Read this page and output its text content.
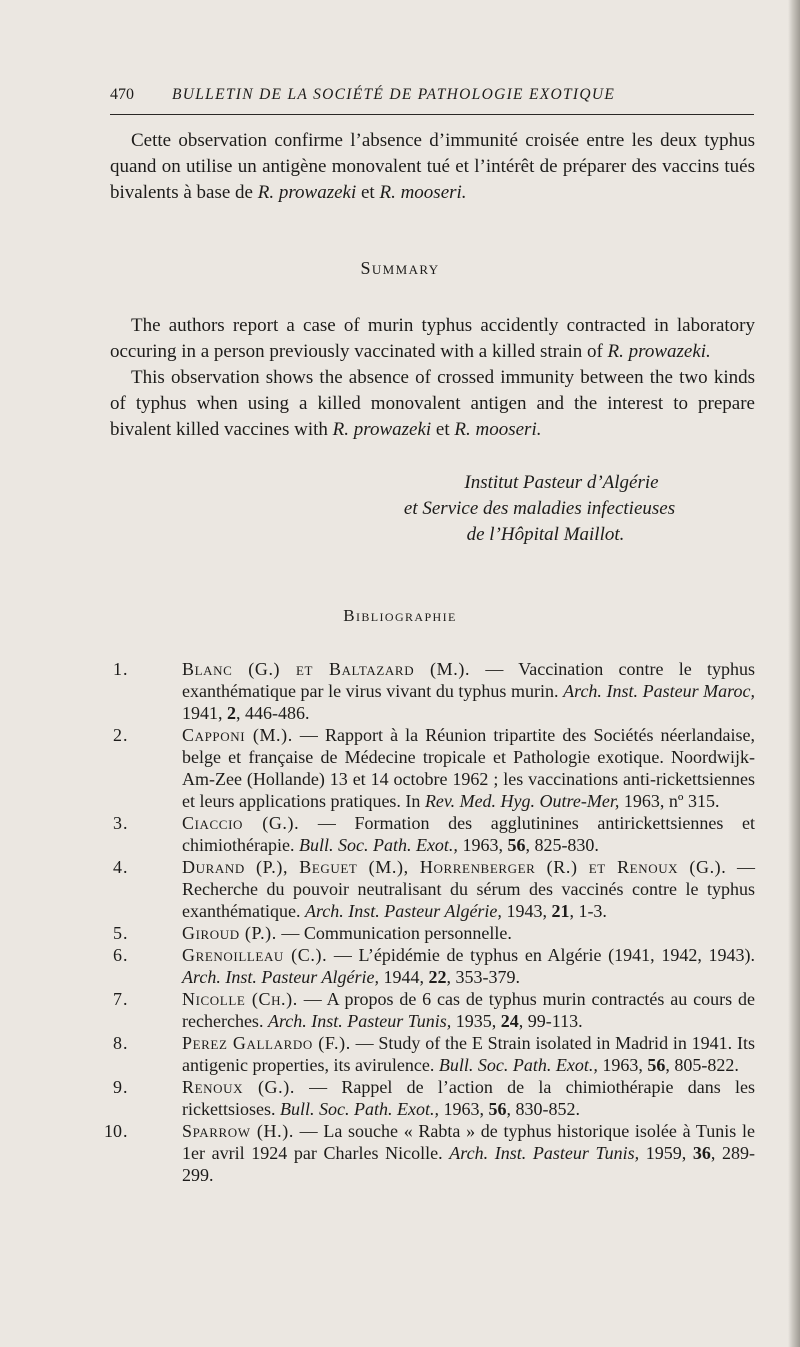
470 BULLETIN DE LA SOCIÉTÉ DE PATHOLOGIE EXOTIQUE

Cette observation confirme l’absence d’immunité croisée entre les deux typhus quand on utilise un antigène monovalent tué et l’intérêt de préparer des vaccins tués bivalents à base de R. prowazeki et R. mooseri.

Summary

The authors report a case of murin typhus accidently contracted in laboratory occuring in a person previously vaccinated with a killed strain of R. prowazeki.

This observation shows the absence of crossed immunity between the two kinds of typhus when using a killed monovalent antigen and the interest to prepare bivalent killed vaccines with R. prowazeki et R. mooseri.

Institut Pasteur d’Algérie
et Service des maladies infectieuses
de l’Hôpital Maillot.
Bibliographie
1 .	Blanc (G.) et Baltazard (M.). — Vaccination contre le typhus exanthématique par le virus vivant du typhus murin. Arch. Inst. Pasteur Maroc, 1941, 2, 446-486.
2 .	Capponi (M.). — Rapport à la Réunion tripartite des Sociétés néerlandaise, belge et française de Médecine tropicale et Pathologie exotique. Noordwijk-Am-Zee (Hollande) 13 et 14 octobre 1962 ; les vaccinations anti-rickettsiennes et leurs applications pratiques. In Rev. Med. Hyg. Outre-Mer, 1963, nº 315.
3 .	Ciaccio (G.). — Formation des agglutinines antirickettsiennes et chimiothérapie. Bull. Soc. Path. Exot., 1963, 56, 825-830.
4 .	Durand (P.), Beguet (M.), Horrenberger (R.) et Renoux (G.). — Recherche du pouvoir neutralisant du sérum des vaccinés contre le typhus exanthématique. Arch. Inst. Pasteur Algérie, 1943, 21, 1-3.
5 .	Giroud (P.). — Communication personnelle.
6 .	Grenoilleau (C.). — L’épidémie de typhus en Algérie (1941, 1942, 1943). Arch. Inst. Pasteur Algérie, 1944, 22, 353-379.
7 .	Nicolle (Ch.). — A propos de 6 cas de typhus murin contractés au cours de recherches. Arch. Inst. Pasteur Tunis, 1935, 24, 99-113.
8 .	Perez Gallardo (F.). — Study of the E Strain isolated in Madrid in 1941. Its antigenic properties, its avirulence. Bull. Soc. Path. Exot., 1963, 56, 805-822.
9 .	Renoux (G.). — Rappel de l’action de la chimiothérapie dans les rickettsioses. Bull. Soc. Path. Exot., 1963, 56, 830-852.
10 .	Sparrow (H.). — La souche « Rabta » de typhus historique isolée à Tunis le 1er avril 1924 par Charles Nicolle. Arch. Inst. Pasteur Tunis, 1959, 36, 289-299.
